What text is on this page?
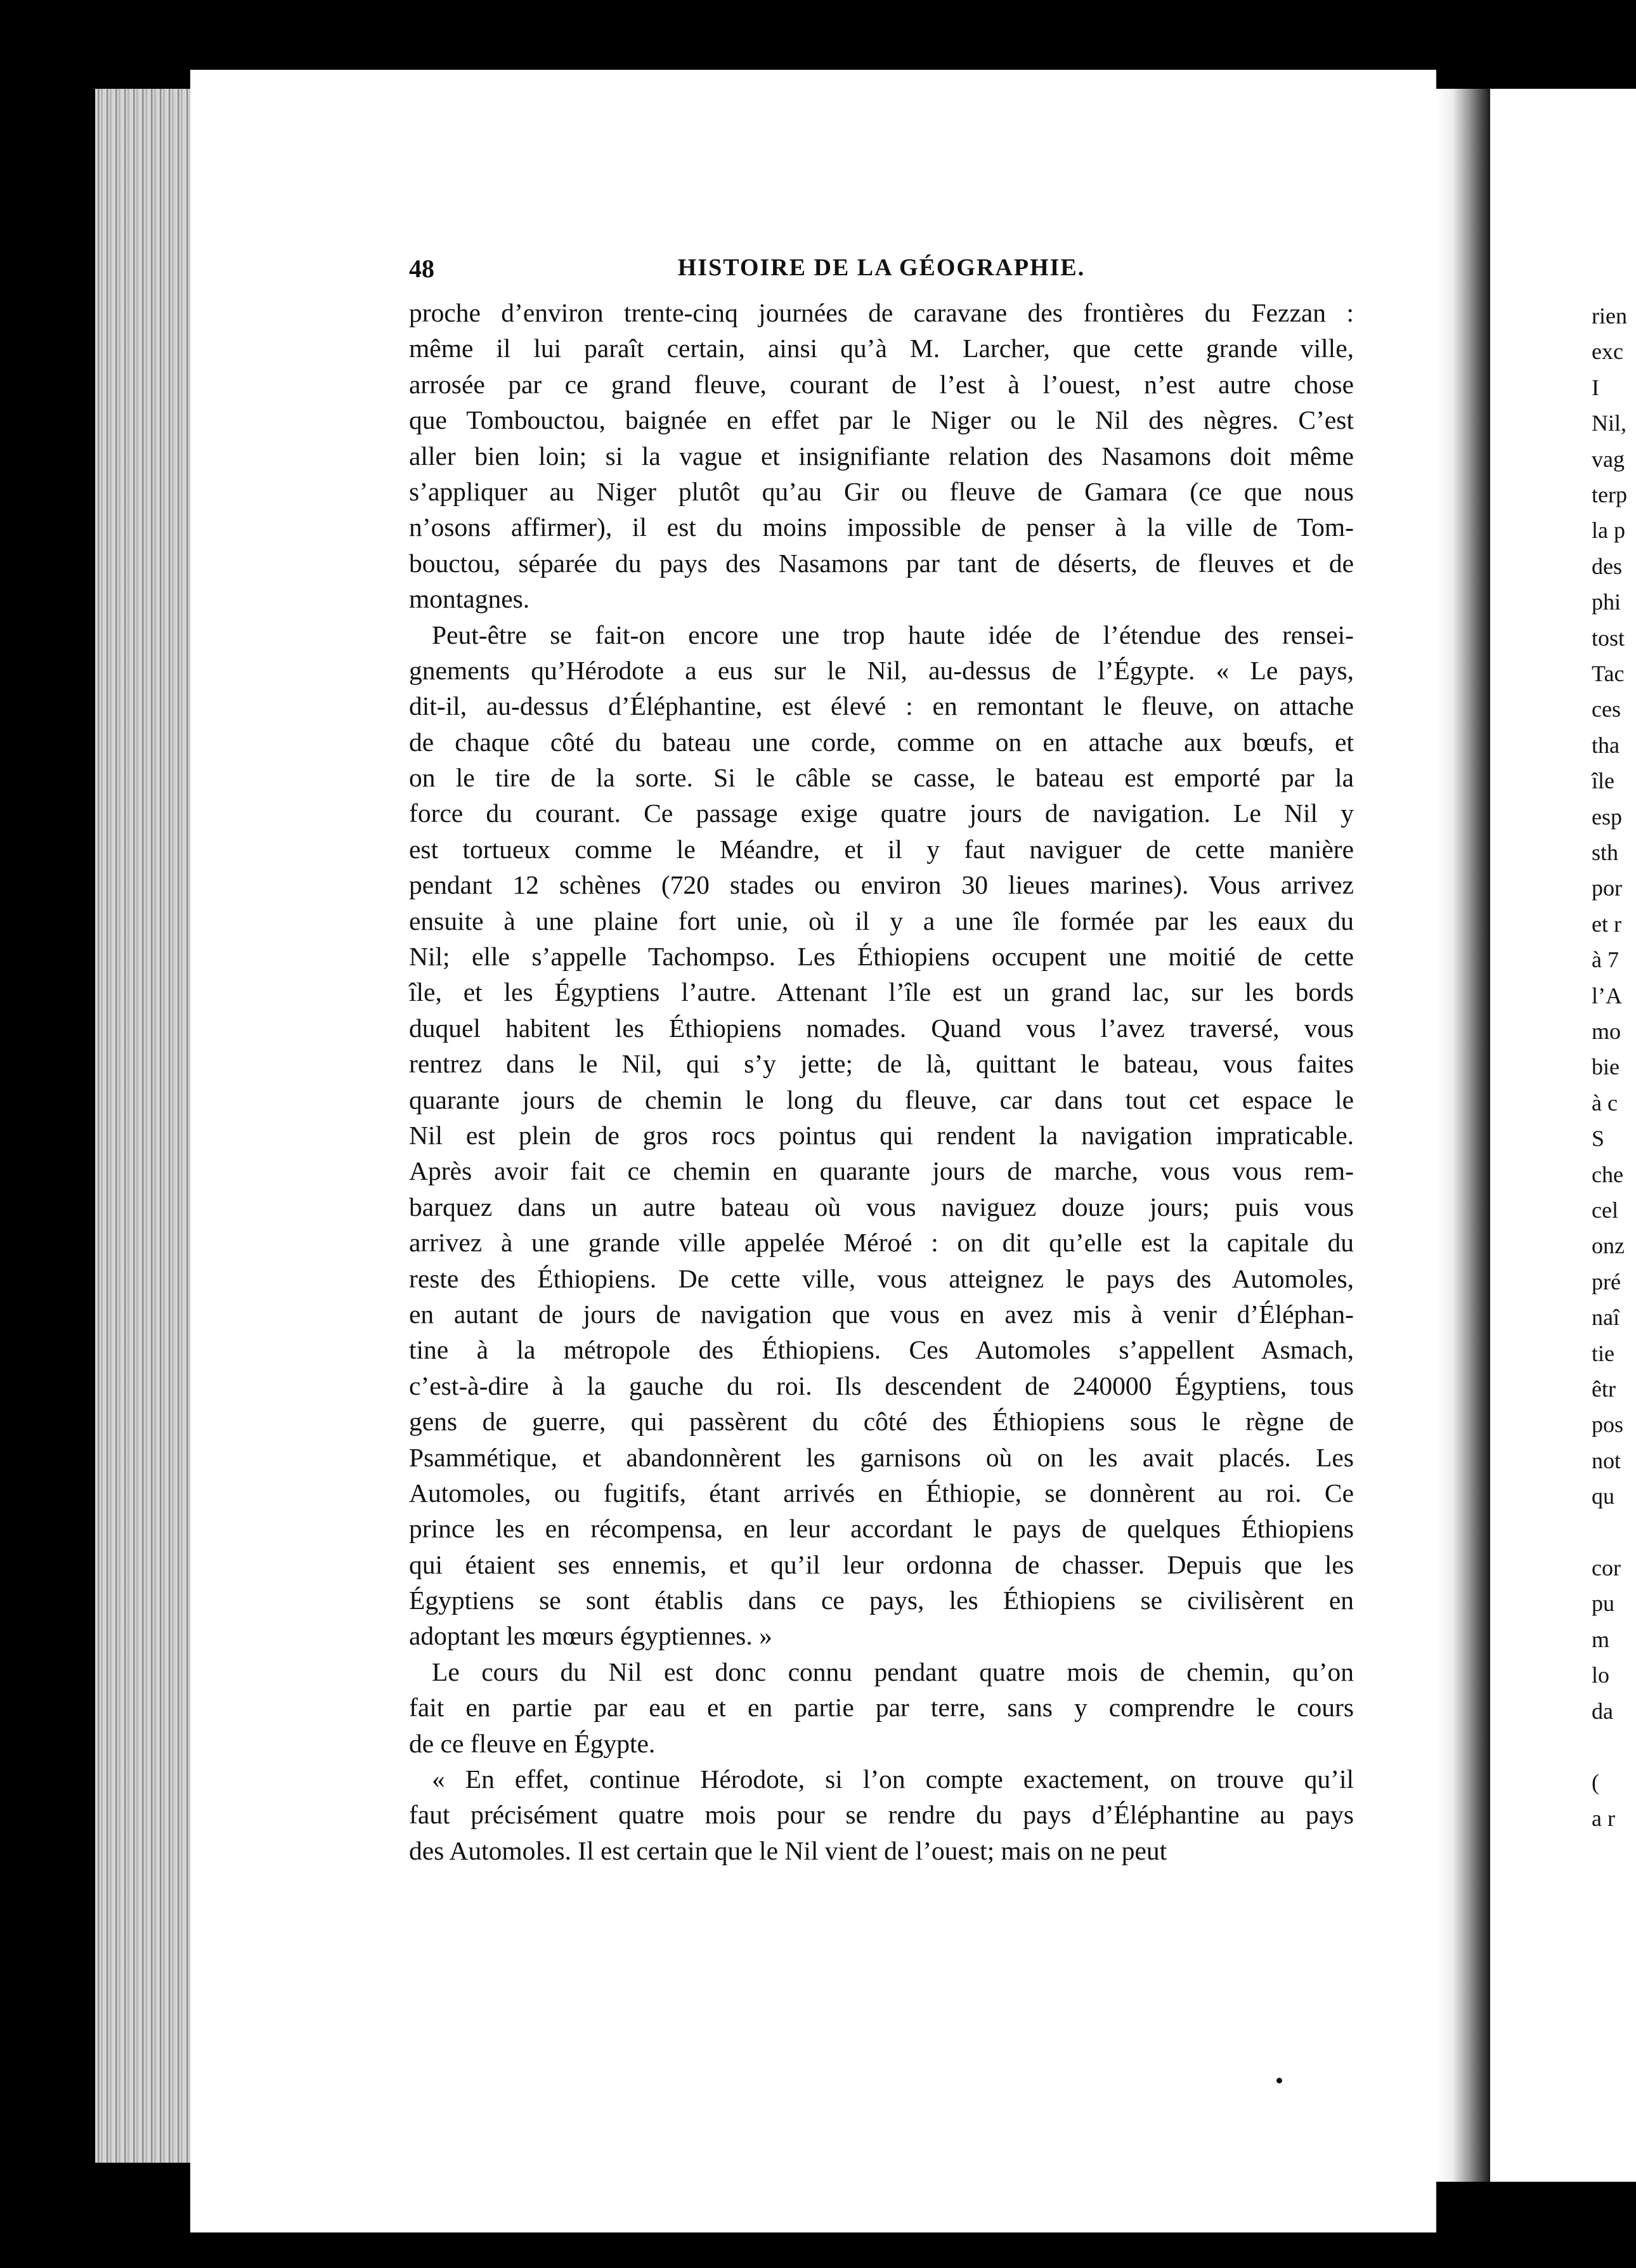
rien
exc
I
Nil,
vag
terp
la p
des
phi
tost
Tac
ces
tha
île
esp
sth
por
et r
à 7
l’A
mo
bie
à c
S
che
cel
onz
pré
naî
tie
êtr
pos
not
qu
cor
pu
m
lo
da
(
a r
48	HISTOIRE DE LA GÉOGRAPHIE.
proche d’environ trente-cinq journées de caravane des frontières du Fezzan :
même il lui paraît certain, ainsi qu’à M. Larcher, que cette grande ville,
arrosée par ce grand fleuve, courant de l’est à l’ouest, n’est autre chose
que Tombouctou, baignée en effet par le Niger ou le Nil des nègres. C’est
aller bien loin; si la vague et insignifiante relation des Nasamons doit même
s’appliquer au Niger plutôt qu’au Gir ou fleuve de Gamara (ce que nous
n’osons affirmer), il est du moins impossible de penser à la ville de Tom-
bouctou, séparée du pays des Nasamons par tant de déserts, de fleuves et de
montagnes.
Peut-être se fait-on encore une trop haute idée de l’étendue des rensei-
gnements qu’Hérodote a eus sur le Nil, au-dessus de l’Égypte. « Le pays,
dit-il, au-dessus d’Éléphantine, est élevé : en remontant le fleuve, on attache
de chaque côté du bateau une corde, comme on en attache aux bœufs, et
on le tire de la sorte. Si le câble se casse, le bateau est emporté par la
force du courant. Ce passage exige quatre jours de navigation. Le Nil y
est tortueux comme le Méandre, et il y faut naviguer de cette manière
pendant 12 schènes (720 stades ou environ 30 lieues marines). Vous arrivez
ensuite à une plaine fort unie, où il y a une île formée par les eaux du
Nil; elle s’appelle Tachompso. Les Éthiopiens occupent une moitié de cette
île, et les Égyptiens l’autre. Attenant l’île est un grand lac, sur les bords
duquel habitent les Éthiopiens nomades. Quand vous l’avez traversé, vous
rentrez dans le Nil, qui s’y jette; de là, quittant le bateau, vous faites
quarante jours de chemin le long du fleuve, car dans tout cet espace le
Nil est plein de gros rocs pointus qui rendent la navigation impraticable.
Après avoir fait ce chemin en quarante jours de marche, vous vous rem-
barquez dans un autre bateau où vous naviguez douze jours; puis vous
arrivez à une grande ville appelée Méroé : on dit qu’elle est la capitale du
reste des Éthiopiens. De cette ville, vous atteignez le pays des Automoles,
en autant de jours de navigation que vous en avez mis à venir d’Éléphan-
tine à la métropole des Éthiopiens. Ces Automoles s’appellent Asmach,
c’est-à-dire à la gauche du roi. Ils descendent de 240000 Égyptiens, tous
gens de guerre, qui passèrent du côté des Éthiopiens sous le règne de
Psammétique, et abandonnèrent les garnisons où on les avait placés. Les
Automoles, ou fugitifs, étant arrivés en Éthiopie, se donnèrent au roi. Ce
prince les en récompensa, en leur accordant le pays de quelques Éthiopiens
qui étaient ses ennemis, et qu’il leur ordonna de chasser. Depuis que les
Égyptiens se sont établis dans ce pays, les Éthiopiens se civilisèrent en
adoptant les mœurs égyptiennes. »
Le cours du Nil est donc connu pendant quatre mois de chemin, qu’on
fait en partie par eau et en partie par terre, sans y comprendre le cours
de ce fleuve en Égypte.
« En effet, continue Hérodote, si l’on compte exactement, on trouve qu’il
faut précisément quatre mois pour se rendre du pays d’Éléphantine au pays
des Automoles. Il est certain que le Nil vient de l’ouest; mais on ne peut
